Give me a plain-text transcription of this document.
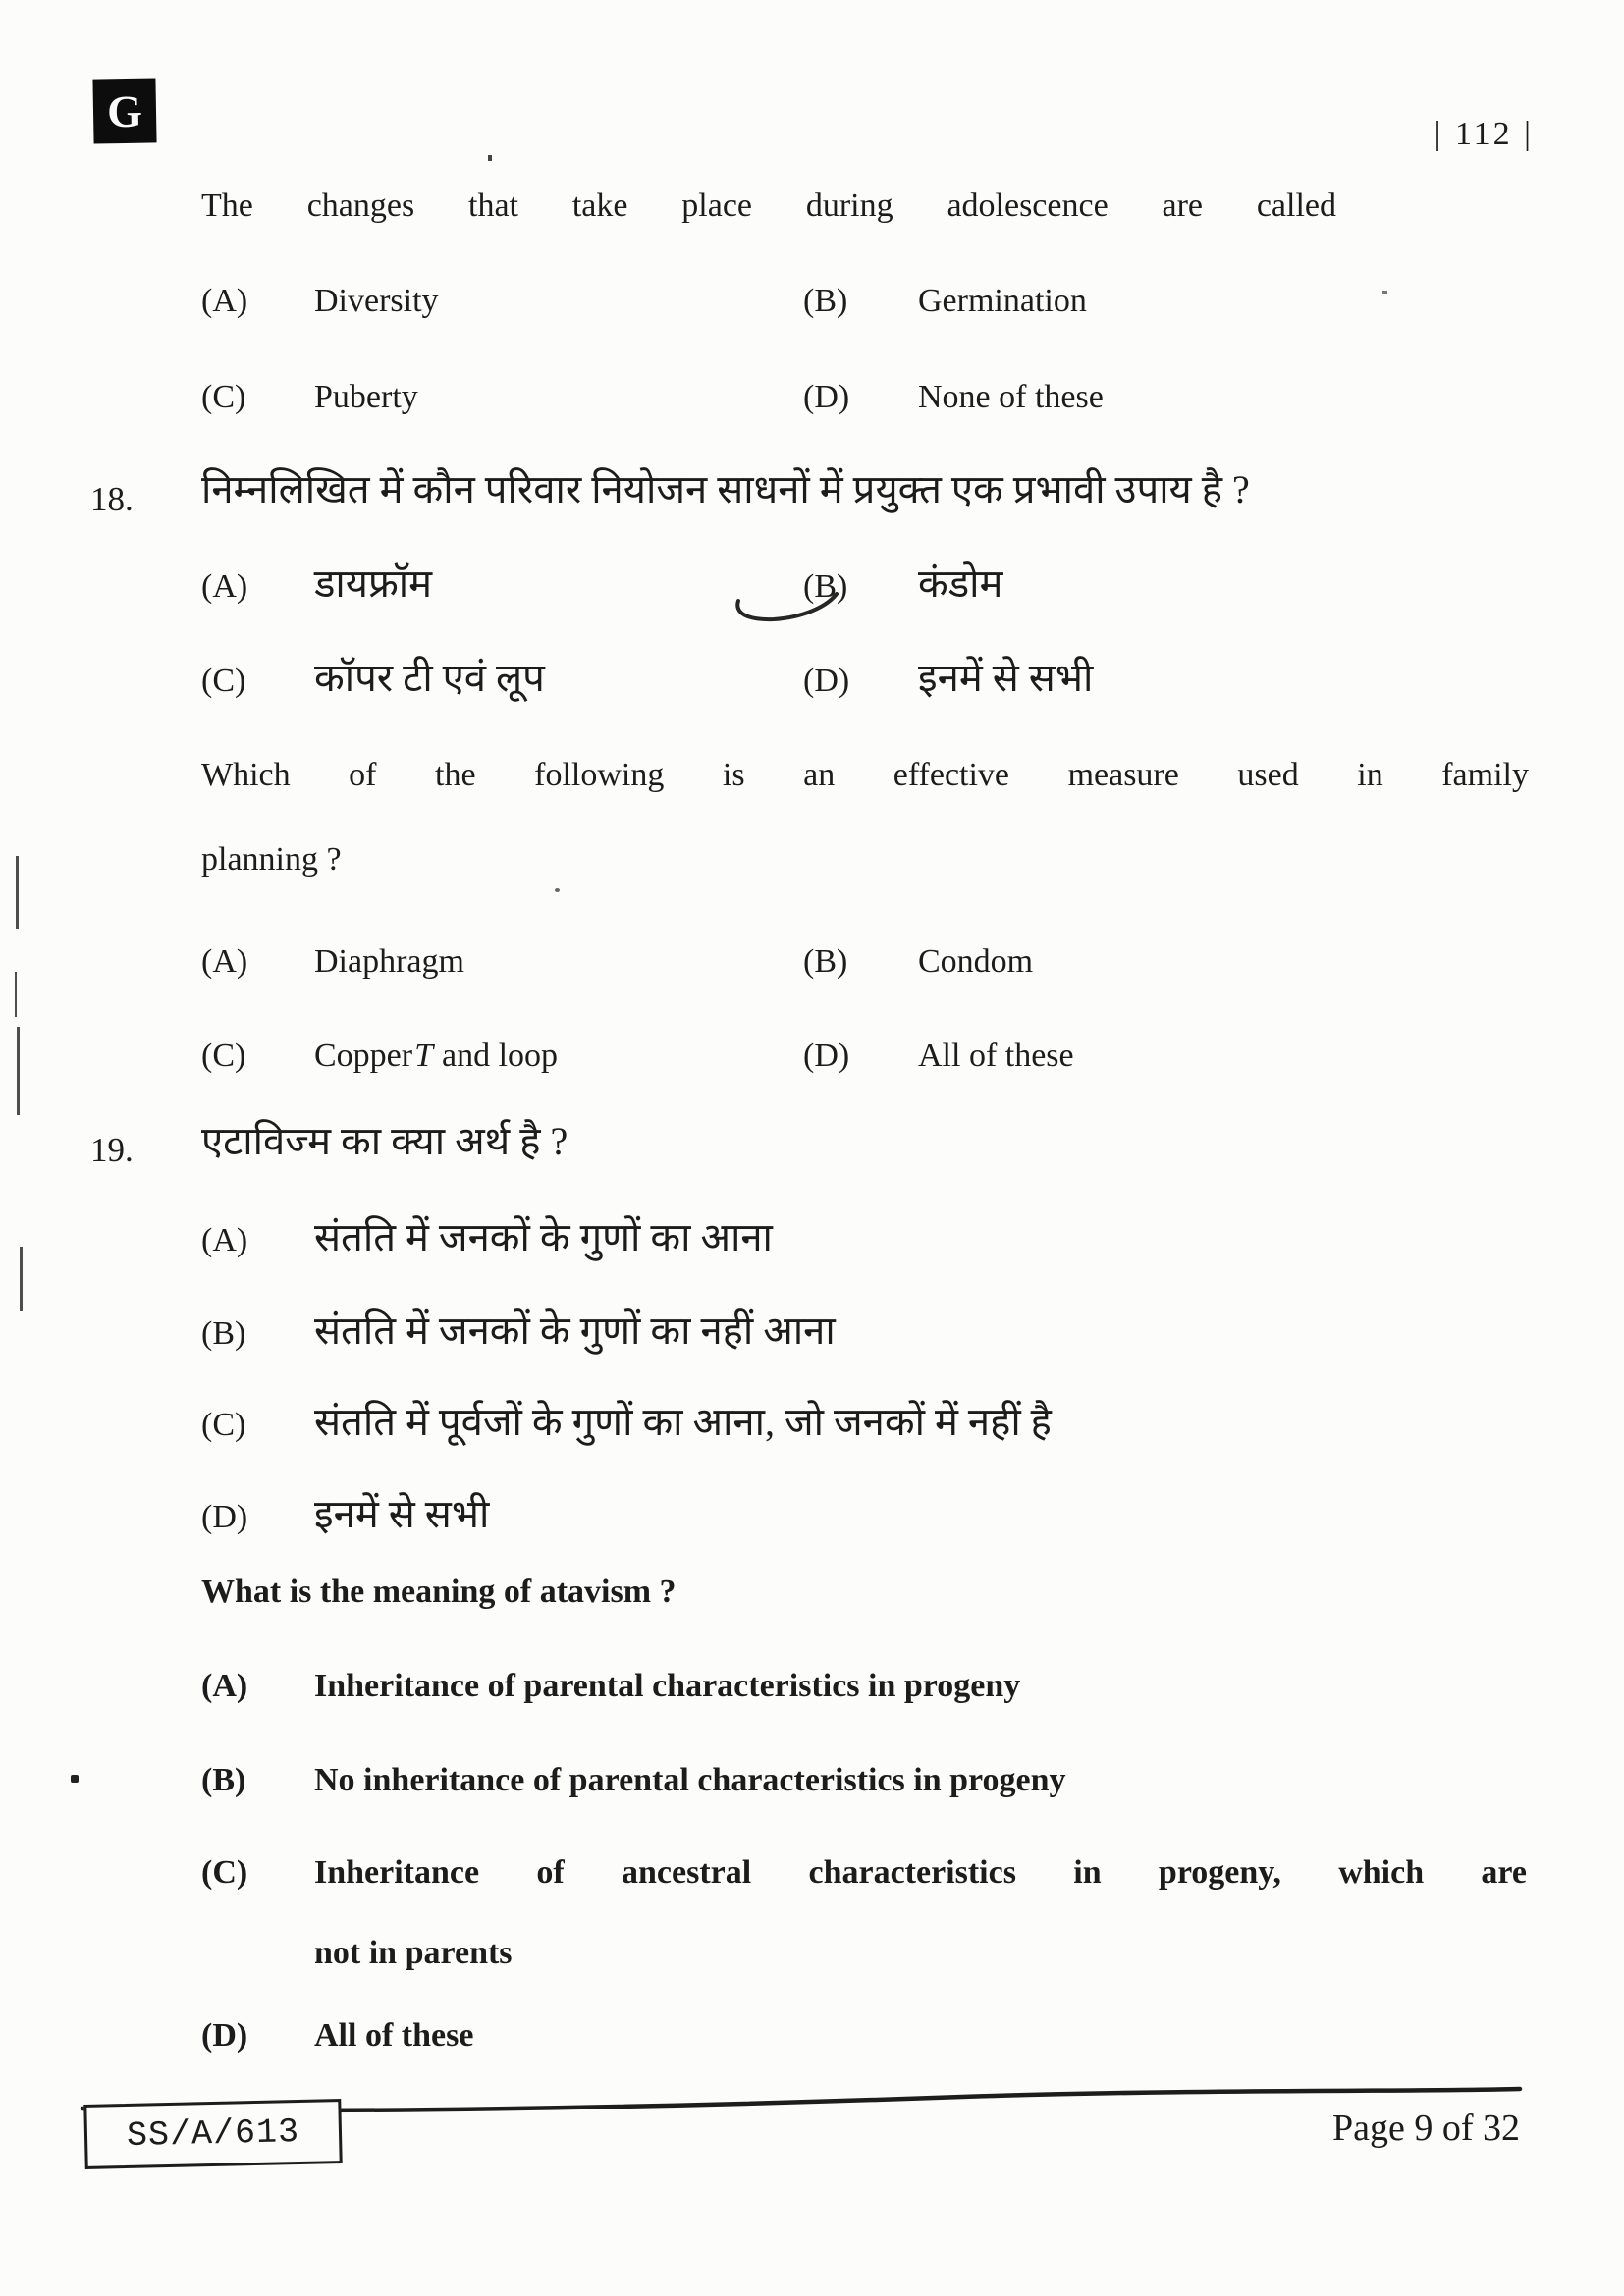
G	| 112 |
The changes that take place during adolescence are called
(A)	Diversity	(B)	Germination
(C)	Puberty	(D)	None of these
18. निम्नलिखित में कौन परिवार नियोजन साधनों में प्रयुक्त एक प्रभावी उपाय है ?
(A)	डायफ्रॉम	(B)	कंडोम
(C)	कॉपर टी एवं लूप	(D)	इनमें से सभी
Which of the following is an effective measure used in family
planning ?
(A)	Diaphragm	(B)	Condom
(C)	CopperT and loop	(D)	All of these
19. एटाविज्म का क्या अर्थ है ?
(A)	संतति में जनकों के गुणों का आना
(B)	संतति में जनकों के गुणों का नहीं आना
(C)	संतति में पूर्वजों के गुणों का आना, जो जनकों में नहीं है
(D)	इनमें से सभी
What is the meaning of atavism ?
(A)	Inheritance of parental characteristics in progeny
(B)	No inheritance of parental characteristics in progeny
(C)	Inheritance of ancestral characteristics in progeny, which are
not in parents
(D)	All of these
SS/A/613	Page 9 of 32
